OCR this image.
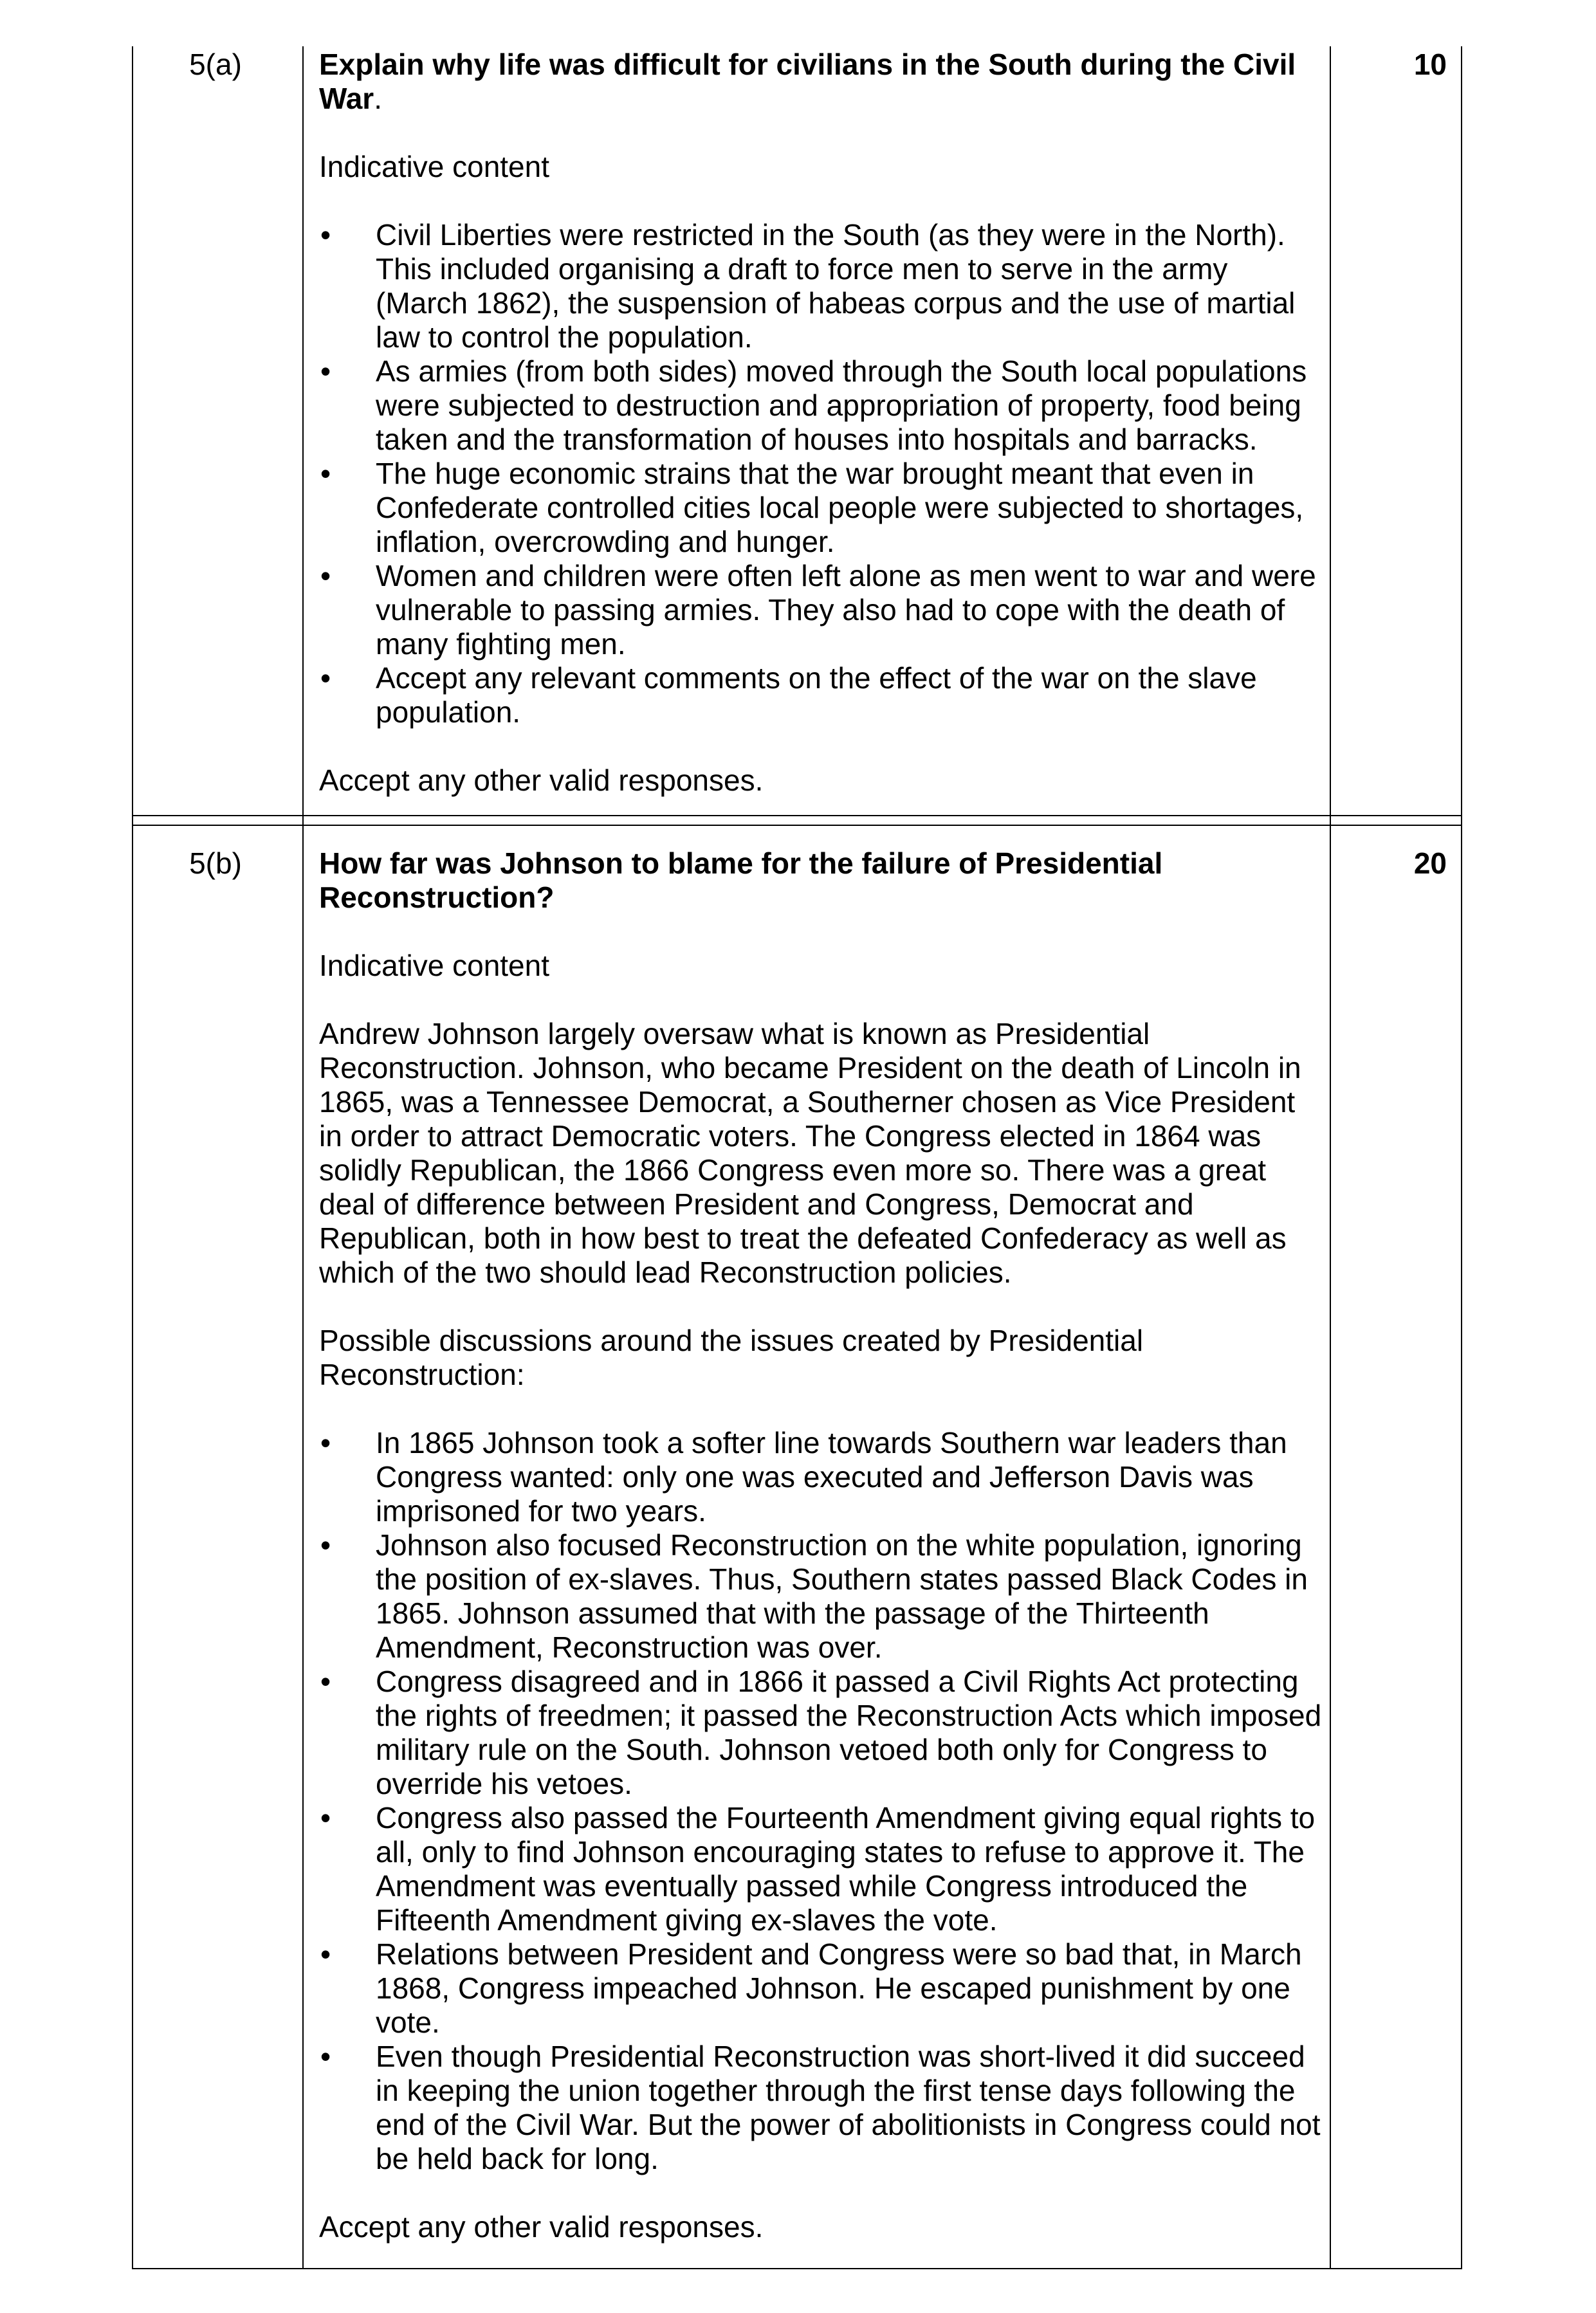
5(a)	10

Explain why life was difficult for civilians in the South during the Civil War.

Indicative content

• Civil Liberties were restricted in the South (as they were in the North). This included organising a draft to force men to serve in the army (March 1862), the suspension of habeas corpus and the use of martial law to control the population.
• As armies (from both sides) moved through the South local populations were subjected to destruction and appropriation of property, food being taken and the transformation of houses into hospitals and barracks.
• The huge economic strains that the war brought meant that even in Confederate controlled cities local people were subjected to shortages, inflation, overcrowding and hunger.
• Women and children were often left alone as men went to war and were vulnerable to passing armies. They also had to cope with the death of many fighting men.
• Accept any relevant comments on the effect of the war on the slave population.

Accept any other valid responses.

5(b)	20

How far was Johnson to blame for the failure of Presidential Reconstruction?

Indicative content

Andrew Johnson largely oversaw what is known as Presidential Reconstruction. Johnson, who became President on the death of Lincoln in 1865, was a Tennessee Democrat, a Southerner chosen as Vice President in order to attract Democratic voters. The Congress elected in 1864 was solidly Republican, the 1866 Congress even more so. There was a great deal of difference between President and Congress, Democrat and Republican, both in how best to treat the defeated Confederacy as well as which of the two should lead Reconstruction policies.

Possible discussions around the issues created by Presidential Reconstruction:

• In 1865 Johnson took a softer line towards Southern war leaders than Congress wanted: only one was executed and Jefferson Davis was imprisoned for two years.
• Johnson also focused Reconstruction on the white population, ignoring the position of ex-slaves. Thus, Southern states passed Black Codes in 1865. Johnson assumed that with the passage of the Thirteenth Amendment, Reconstruction was over.
• Congress disagreed and in 1866 it passed a Civil Rights Act protecting the rights of freedmen; it passed the Reconstruction Acts which imposed military rule on the South. Johnson vetoed both only for Congress to override his vetoes.
• Congress also passed the Fourteenth Amendment giving equal rights to all, only to find Johnson encouraging states to refuse to approve it. The Amendment was eventually passed while Congress introduced the Fifteenth Amendment giving ex-slaves the vote.
• Relations between President and Congress were so bad that, in March 1868, Congress impeached Johnson. He escaped punishment by one vote.
• Even though Presidential Reconstruction was short-lived it did succeed in keeping the union together through the first tense days following the end of the Civil War. But the power of abolitionists in Congress could not be held back for long.

Accept any other valid responses.
